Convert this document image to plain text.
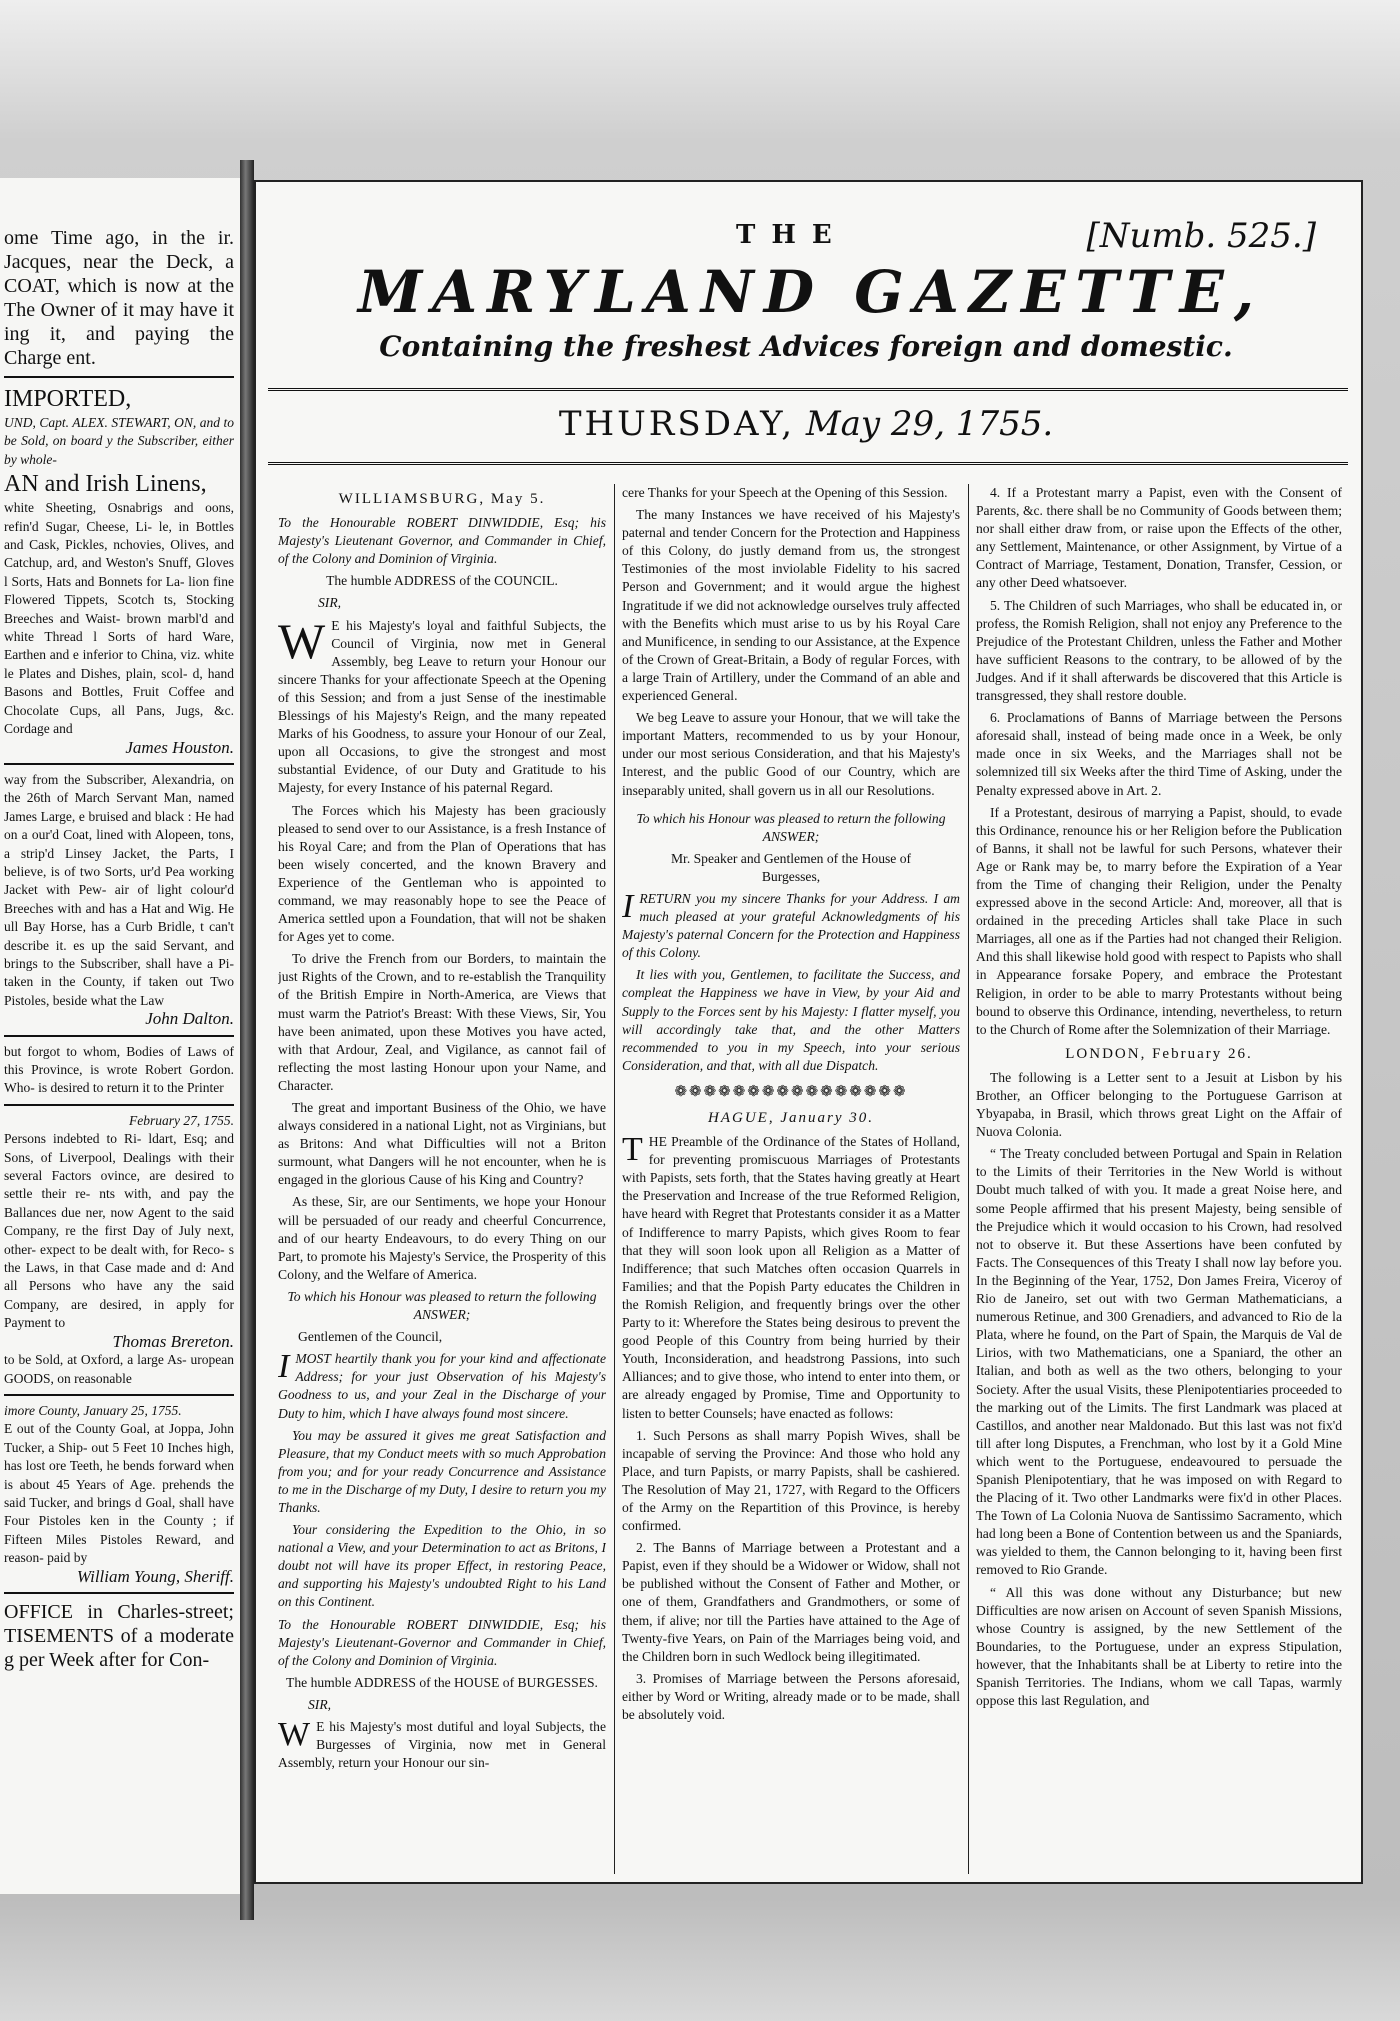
ome Time ago, in the ir. Jacques, near the Deck, a COAT, which is now at the The Owner of it may have it ing it, and paying the Charge ent.
IMPORTED,
UND, Capt. ALEX. STEWART, ON, and to be Sold, on board y the Subscriber, either by whole-
AN and Irish Linens,
white Sheeting, Osnabrigs and oons, refin'd Sugar, Cheese, Li- le, in Bottles and Cask, Pickles, nchovies, Olives, and Catchup, ard, and Weston's Snuff, Gloves l Sorts, Hats and Bonnets for La- lion fine Flowered Tippets, Scotch ts, Stocking Breeches and Waist- brown marbl'd and white Thread l Sorts of hard Ware, Earthen and e inferior to China, viz. white le Plates and Dishes, plain, scol- d, hand Basons and Bottles, Fruit Coffee and Chocolate Cups, all Pans, Jugs, &c. Cordage and
James Houston.
way from the Subscriber, Alexandria, on the 26th of March Servant Man, named James Large, e bruised and black : He had on a our'd Coat, lined with Alopeen, tons, a strip'd Linsey Jacket, the Parts, I believe, is of two Sorts, ur'd Pea working Jacket with Pew- air of light colour'd Breeches with and has a Hat and Wig. He ull Bay Horse, has a Curb Bridle, t can't describe it. es up the said Servant, and brings to the Subscriber, shall have a Pi- taken in the County, if taken out Two Pistoles, beside what the Law
John Dalton.
but forgot to whom, Bodies of Laws of this Province, is wrote Robert Gordon. Who- is desired to return it to the Printer
February 27, 1755.
Persons indebted to Ri- ldart, Esq; and Sons, of Liverpool, Dealings with their several Factors ovince, are desired to settle their re- nts with, and pay the Ballances due ner, now Agent to the said Company, re the first Day of July next, other- expect to be dealt with, for Reco- s the Laws, in that Case made and d: And all Persons who have any the said Company, are desired, in apply for Payment to
Thomas Brereton.
to be Sold, at Oxford, a large As- uropean GOODS, on reasonable
imore County, January 25, 1755.
E out of the County Goal, at Joppa, John Tucker, a Ship- out 5 Feet 10 Inches high, has lost ore Teeth, he bends forward when is about 45 Years of Age. prehends the said Tucker, and brings d Goal, shall have Four Pistoles ken in the County ; if Fifteen Miles Pistoles Reward, and reason- paid by
William Young, Sheriff.
OFFICE in Charles-street; TISEMENTS of a moderate g per Week after for Con-
THE	[Numb. 525.]
MARYLAND GAZETTE,
Containing the freshest Advices foreign and domestic.
THURSDAY, May 29, 1755.
WILLIAMSBURG, May 5.

To the Honourable ROBERT DINWIDDIE, Esq; his Majesty's Lieutenant Governor, and Commander in Chief, of the Colony and Dominion of Virginia.

The humble ADDRESS of the COUNCIL.

SIR,

W E his Majesty's loyal and faithful Subjects, the Council of Virginia, now met in General Assembly, beg Leave to return your Honour our sincere Thanks for your affectionate Speech at the Opening of this Session; and from a just Sense of the inestimable Blessings of his Majesty's Reign, and the many repeated Marks of his Goodness, to assure your Honour of our Zeal, upon all Occasions, to give the strongest and most substantial Evidence, of our Duty and Gratitude to his Majesty, for every Instance of his paternal Regard.

The Forces which his Majesty has been graciously pleased to send over to our Assistance, is a fresh Instance of his Royal Care; and from the Plan of Operations that has been wisely concerted, and the known Bravery and Experience of the Gentleman who is appointed to command, we may reasonably hope to see the Peace of America settled upon a Foundation, that will not be shaken for Ages yet to come.

To drive the French from our Borders, to maintain the just Rights of the Crown, and to re-establish the Tranquility of the British Empire in North-America, are Views that must warm the Patriot's Breast: With these Views, Sir, You have been animated, upon these Motives you have acted, with that Ardour, Zeal, and Vigilance, as cannot fail of reflecting the most lasting Honour upon your Name, and Character.

The great and important Business of the Ohio, we have always considered in a national Light, not as Virginians, but as Britons: And what Difficulties will not a Briton surmount, what Dangers will he not encounter, when he is engaged in the glorious Cause of his King and Country?

As these, Sir, are our Sentiments, we hope your Honour will be persuaded of our ready and cheerful Concurrence, and of our hearty Endeavours, to do every Thing on our Part, to promote his Majesty's Service, the Prosperity of this Colony, and the Welfare of America.

To which his Honour was pleased to return the following ANSWER;

Gentlemen of the Council,

IMOST heartily thank you for your kind and affectionate Address; for your just Observation of his Majesty's Goodness to us, and your Zeal in the Discharge of your Duty to him, which I have always found most sincere.

You may be assured it gives me great Satisfaction and Pleasure, that my Conduct meets with so much Approbation from you; and for your ready Concurrence and Assistance to me in the Discharge of my Duty, I desire to return you my Thanks.

Your considering the Expedition to the Ohio, in so national a View, and your Determination to act as Britons, I doubt not will have its proper Effect, in restoring Peace, and supporting his Majesty's undoubted Right to his Land on this Continent.

To the Honourable ROBERT DINWIDDIE, Esq; his Majesty's Lieutenant-Governor and Commander in Chief, of the Colony and Dominion of Virginia.

The humble ADDRESS of the HOUSE of BURGESSES.

SIR,

W E his Majesty's most dutiful and loyal Subjects, the Burgesses of Virginia, now met in General Assembly, return your Honour our sin-

cere Thanks for your Speech at the Opening of this Session.

The many Instances we have received of his Majesty's paternal and tender Concern for the Protection and Happiness of this Colony, do justly demand from us, the strongest Testimonies of the most inviolable Fidelity to his sacred Person and Government; and it would argue the highest Ingratitude if we did not acknowledge ourselves truly affected with the Benefits which must arise to us by his Royal Care and Munificence, in sending to our Assistance, at the Expence of the Crown of Great-Britain, a Body of regular Forces, with a large Train of Artillery, under the Command of an able and experienced General.

We beg Leave to assure your Honour, that we will take the important Matters, recommended to us by your Honour, under our most serious Consideration, and that his Majesty's Interest, and the public Good of our Country, which are inseparably united, shall govern us in all our Resolutions.

To which his Honour was pleased to return the following ANSWER;

Mr. Speaker and Gentlemen of the House of Burgesses,

IRETURN you my sincere Thanks for your Address. I am much pleased at your grateful Acknowledgments of his Majesty's paternal Concern for the Protection and Happiness of this Colony.

It lies with you, Gentlemen, to facilitate the Success, and compleat the Happiness we have in View, by your Aid and Supply to the Forces sent by his Majesty: I flatter myself, you will accordingly take that, and the other Matters recommended to you in my Speech, into your serious Consideration, and that, with all due Dispatch.

❁❁❁❁❁❁❁❁❁❁❁❁❁❁❁❁
HAGUE, January 30.

THE Preamble of the Ordinance of the States of Holland, for preventing promiscuous Marriages of Protestants with Papists, sets forth, that the States having greatly at Heart the Preservation and Increase of the true Reformed Religion, have heard with Regret that Protestants consider it as a Matter of Indifference to marry Papists, which gives Room to fear that they will soon look upon all Religion as a Matter of Indifference; that such Matches often occasion Quarrels in Families; and that the Popish Party educates the Children in the Romish Religion, and frequently brings over the other Party to it: Wherefore the States being desirous to prevent the good People of this Country from being hurried by their Youth, Inconsideration, and headstrong Passions, into such Alliances; and to give those, who intend to enter into them, or are already engaged by Promise, Time and Opportunity to listen to better Counsels; have enacted as follows:

1. Such Persons as shall marry Popish Wives, shall be incapable of serving the Province: And those who hold any Place, and turn Papists, or marry Papists, shall be cashiered. The Resolution of May 21, 1727, with Regard to the Officers of the Army on the Repartition of this Province, is hereby confirmed.

2. The Banns of Marriage between a Protestant and a Papist, even if they should be a Widower or Widow, shall not be published without the Consent of Father and Mother, or one of them, Grandfathers and Grandmothers, or some of them, if alive; nor till the Parties have attained to the Age of Twenty-five Years, on Pain of the Marriages being void, and the Children born in such Wedlock being illegitimated.

3. Promises of Marriage between the Persons aforesaid, either by Word or Writing, already made or to be made, shall be absolutely void.

4. If a Protestant marry a Papist, even with the Consent of Parents, &c. there shall be no Community of Goods between them; nor shall either draw from, or raise upon the Effects of the other, any Settlement, Maintenance, or other Assignment, by Virtue of a Contract of Marriage, Testament, Donation, Transfer, Cession, or any other Deed whatsoever.

5. The Children of such Marriages, who shall be educated in, or profess, the Romish Religion, shall not enjoy any Preference to the Prejudice of the Protestant Children, unless the Father and Mother have sufficient Reasons to the contrary, to be allowed of by the Judges. And if it shall afterwards be discovered that this Article is transgressed, they shall restore double.

6. Proclamations of Banns of Marriage between the Persons aforesaid shall, instead of being made once in a Week, be only made once in six Weeks, and the Marriages shall not be solemnized till six Weeks after the third Time of Asking, under the Penalty expressed above in Art. 2.

If a Protestant, desirous of marrying a Papist, should, to evade this Ordinance, renounce his or her Religion before the Publication of Banns, it shall not be lawful for such Persons, whatever their Age or Rank may be, to marry before the Expiration of a Year from the Time of changing their Religion, under the Penalty expressed above in the second Article: And, moreover, all that is ordained in the preceding Articles shall take Place in such Marriages, all one as if the Parties had not changed their Religion. And this shall likewise hold good with respect to Papists who shall in Appearance forsake Popery, and embrace the Protestant Religion, in order to be able to marry Protestants without being bound to observe this Ordinance, intending, nevertheless, to return to the Church of Rome after the Solemnization of their Marriage.

LONDON, February 26.

The following is a Letter sent to a Jesuit at Lisbon by his Brother, an Officer belonging to the Portuguese Garrison at Ybyapaba, in Brasil, which throws great Light on the Affair of Nuova Colonia.

“ The Treaty concluded between Portugal and Spain in Relation to the Limits of their Territories in the New World is without Doubt much talked of with you. It made a great Noise here, and some People affirmed that his present Majesty, being sensible of the Prejudice which it would occasion to his Crown, had resolved not to observe it. But these Assertions have been confuted by Facts. The Consequences of this Treaty I shall now lay before you. In the Beginning of the Year, 1752, Don James Freira, Viceroy of Rio de Janeiro, set out with two German Mathematicians, a numerous Retinue, and 300 Grenadiers, and advanced to Rio de la Plata, where he found, on the Part of Spain, the Marquis de Val de Lirios, with two Mathematicians, one a Spaniard, the other an Italian, and both as well as the two others, belonging to your Society. After the usual Visits, these Plenipotentiaries proceeded to the marking out of the Limits. The first Landmark was placed at Castillos, and another near Maldonado. But this last was not fix'd till after long Disputes, a Frenchman, who lost by it a Gold Mine which went to the Portuguese, endeavoured to persuade the Spanish Plenipotentiary, that he was imposed on with Regard to the Placing of it. Two other Landmarks were fix'd in other Places. The Town of La Colonia Nuova de Santissimo Sacramento, which had long been a Bone of Contention between us and the Spaniards, was yielded to them, the Cannon belonging to it, having been first removed to Rio Grande.

“ All this was done without any Disturbance; but new Difficulties are now arisen on Account of seven Spanish Missions, whose Country is assigned, by the new Settlement of the Boundaries, to the Portuguese, under an express Stipulation, however, that the Inhabitants shall be at Liberty to retire into the Spanish Territories. The Indians, whom we call Tapas, warmly oppose this last Regulation, and
